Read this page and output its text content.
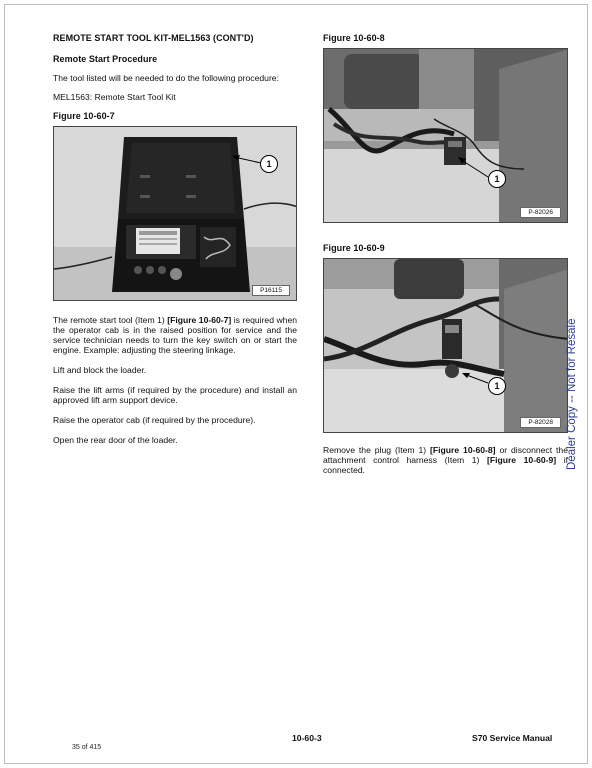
REMOTE START TOOL KIT-MEL1563 (CONT'D)
Remote Start Procedure

The tool listed will be needed to do the following procedure:

MEL1563: Remote Start Tool Kit

Figure 10-60-7
1
P16115

The remote start tool (Item 1) [Figure 10-60-7] is required when the operator cab is in the raised position for service and the service technician needs to turn the key switch on or start the engine. Example: adjusting the steering linkage.

Lift and block the loader.

Raise the lift arms (if required by the procedure) and install an approved lift arm support device.

Raise the operator cab (if required by the procedure).

Open the rear door of the loader.

Figure 10-60-8
1
P-82026
Figure 10-60-9
1
P-82028

Remove the plug (Item 1) [Figure 10-60-8] or disconnect the attachment control harness (Item 1) [Figure 10-60-9] if connected.	Dealer Copy -- Not for Resale
10-60-3	S70 Service Manual
35 of 415
